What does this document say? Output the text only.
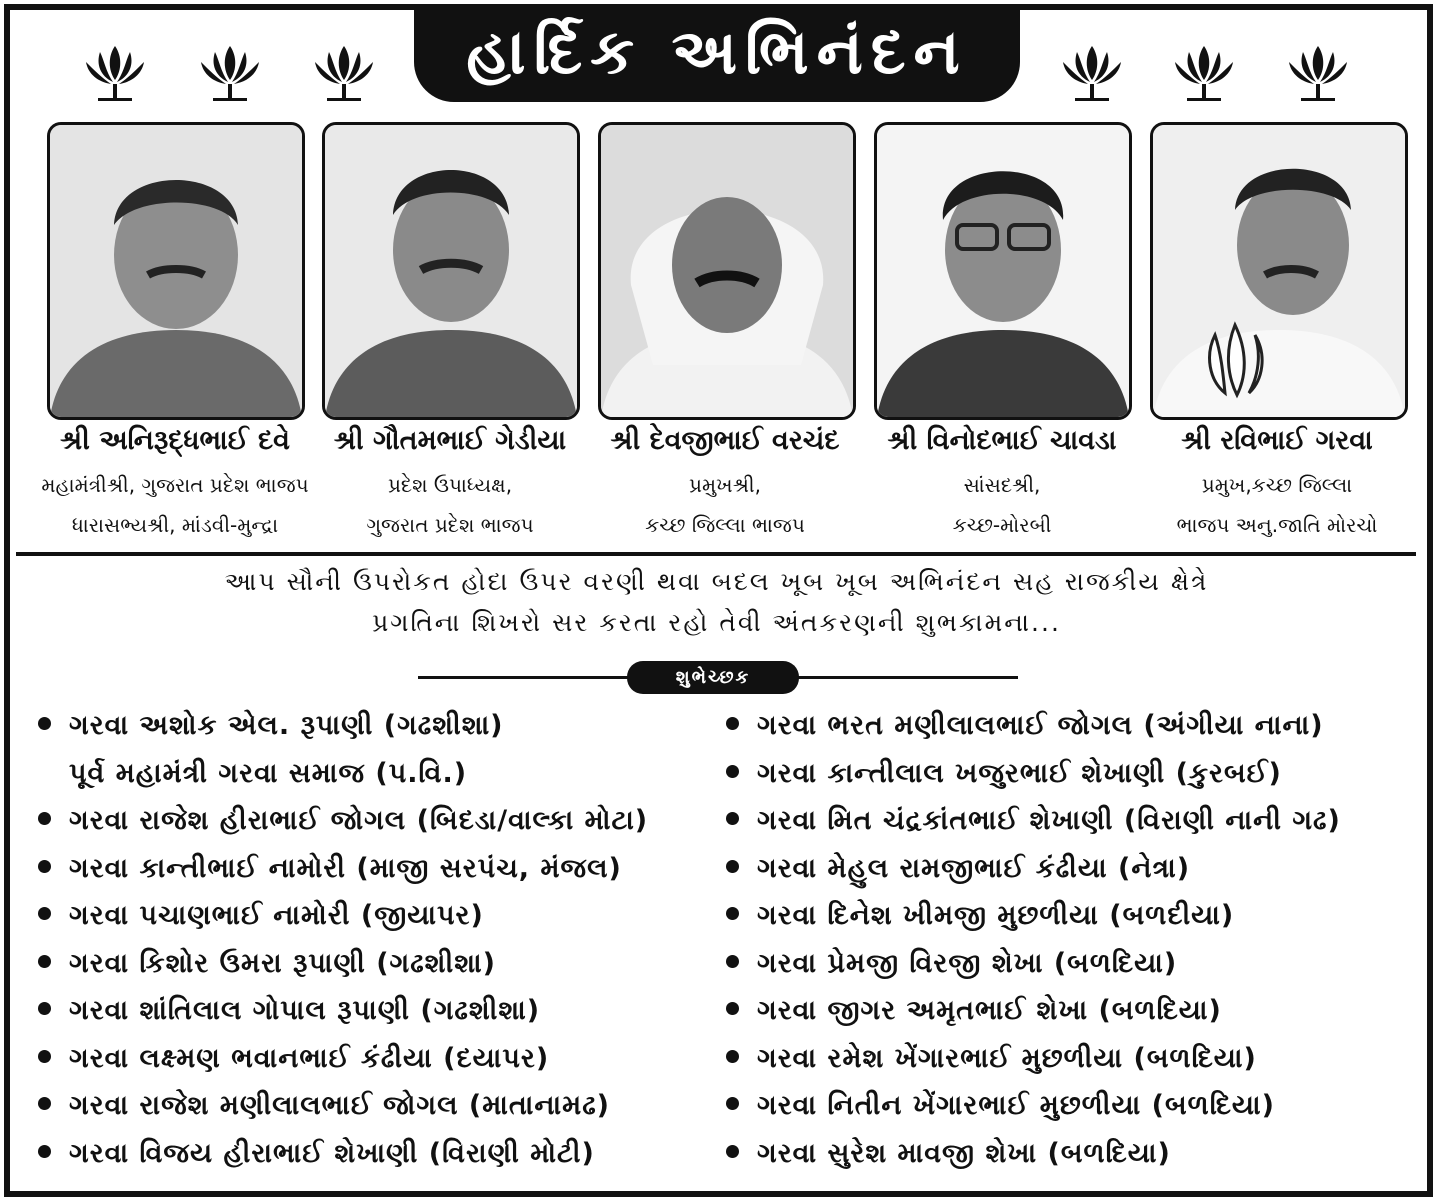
હાર્દિક અભિનંદન
શ્રી અનિરૂદ્ધભાઈ દવે	શ્રી ગૌતમભાઈ ગેડીયા	શ્રી દેવજીભાઈ વરચંદ	શ્રી વિનોદભાઈ ચાવડા	શ્રી રવિભાઈ ગરવા
મહામંત્રીશ્રી, ગુજરાત પ્રદેશ ભાજપ
ધારાસભ્યશ્રી, માંડવી-મુન્દ્રા
પ્રદેશ ઉપાધ્યક્ષ,
ગુજરાત પ્રદેશ ભાજપ
પ્રમુખશ્રી,
કચ્છ જિલ્લા ભાજપ
સાંસદશ્રી,
કચ્છ-મોરબી
પ્રમુખ,કચ્છ જિલ્લા
ભાજપ અનુ.જાતિ મોરચો
આપ સૌની ઉપરોકત હોદા ઉપર વરણી થવા બદલ ખૂબ ખૂબ અભિનંદન સહ રાજકીય ક્ષેત્રે
પ્રગતિના શિખરો સર કરતા રહો તેવી અંતકરણની શુભકામના...
શુભેચ્છક
ગરવા અશોક એલ. રૂપાણી (ગઢશીશા)
પૂર્વ મહામંત્રી ગરવા સમાજ (પ.વિ.)
ગરવા રાજેશ હીરાભાઈ જોગલ (બિદડા/વાલ્કા મોટા)
ગરવા કાન્તીભાઈ નામોરી (માજી સરપંચ, મંજલ)
ગરવા પચાણભાઈ નામોરી (જીયાપર)
ગરવા કિશોર ઉમરા રૂપાણી (ગઢશીશા)
ગરવા શાંતિલાલ ગોપાલ રૂપાણી (ગઢશીશા)
ગરવા લક્ષ્મણ ભવાનભાઈ કંઢીયા (દયાપર)
ગરવા રાજેશ મણીલાલભાઈ જોગલ (માતાનામઢ)
ગરવા વિજય હીરાભાઈ શેખાણી (વિરાણી મોટી)
ગરવા ભરત મણીલાલભાઈ જોગલ (અંગીયા નાના)
ગરવા કાન્તીલાલ ખજુરભાઈ શેખાણી (કુરબઈ)
ગરવા મિત ચંદ્રકાંતભાઈ શેખાણી (વિરાણી નાની ગઢ)
ગરવા મેહુલ રામજીભાઈ કંઢીયા (નેત્રા)
ગરવા દિનેશ ખીમજી મુછળીયા (બળદીયા)
ગરવા પ્રેમજી વિરજી શેખા (બળદિયા)
ગરવા જીગર અમૃતભાઈ શેખા (બળદિયા)
ગરવા રમેશ ખેંગારભાઈ મુછળીયા (બળદિયા)
ગરવા નિતીન ખેંગારભાઈ મુછળીયા (બળદિયા)
ગરવા સુરેશ માવજી શેખા (બળદિયા)
